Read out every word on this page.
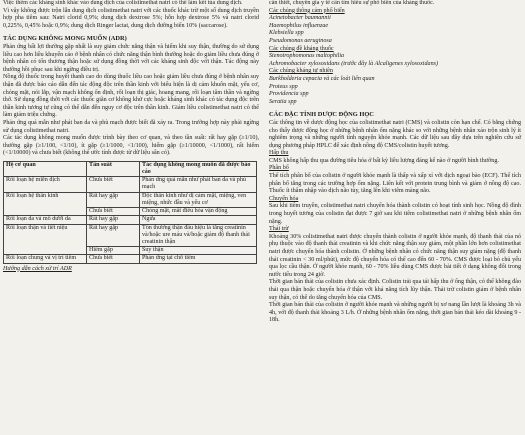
Việc thêm các kháng sinh khác vào dung dịch của colistimethat natri có thể làm kết tủa dung dịch.

Vì vậy không được trộn lẫn dung dịch colistimethat natri với các thuốc khác trừ một số dung dịch truyền hợp pha tiêm sau: Natri clorid 0,9%; dung dịch dextrose 5%; hỗn hợp dextrose 5% và natri clorid 0,225%, 0,45% hoặc 0,9%; dung dịch Ringer lactat, dung dịch đường biến 10% (saccarose).

TÁC DỤNG KHÔNG MONG MUỐN (ADR)

Phản ứng bất lợi thường gặp nhất là suy giảm chức năng thận và hiếm khi suy thận, thường do sử dụng liều cao hơn liều khuyến cáo ở bệnh nhân có chức năng thận bình thường hoặc do giảm liều chưa đúng ở bệnh nhân có tổn thương thận hoặc sử dụng đồng thời với các kháng sinh độc với thận. Tác động này thường hồi phục sau khi ngừng điều trị.

Nồng độ thuốc trong huyết thanh cao do dùng thuốc liều cao hoặc giảm liều chưa đúng ở bệnh nhân suy thận đã được báo cáo dẫn đến tác động độc trên thần kinh với biểu hiện là dị cảm khuôn mặt, yếu cơ, chóng mặt, nói lắp, vận mạch không ổn định, rối loạn thị giác, hoang mang, rối loạn tâm thần và ngừng thở. Sử dụng đồng thời với các thuốc giãn cơ không khử cực hoặc kháng sinh khác có tác dụng độc trên thần kinh tương tự cũng có thể dẫn đến nguy cơ độc trên thần kinh. Giảm liều colistimethat natri có thể làm giảm triệu chứng.

Phản ứng quá mẫn như phát ban da và phù mạch được biết đã xảy ra. Trong trường hợp này phải ngừng sử dụng colistimethat natri.

Các tác dụng không mong muốn được trình bày theo cơ quan, và theo tần suất: rất hay gặp (≥1/10), thường gặp (≥1/100, <1/10), ít gặp (≥1/1000, <1/100), hiếm gặp (≥1/10000, <1/1000), rất hiếm (<1/10000) và chưa biết (không thể ước tính được từ dữ liệu sẵn có).

Hệ cơ quan	Tần suất	Tác dụng không mong muốn đã được báo cáo
Rối loạn hệ miễn dịch	Chưa biết	Phản ứng quá mẫn như phát ban da và phù mạch
Rối loạn hệ thần kinh	Rất hay gặp	Độc thần kinh như dị cảm mặt, miệng, ven miệng, nhức đầu và yếu cơ
	Chưa biết	Chóng mặt, mất điều hòa vận động
Rối loạn da và mô dưới da	Rất hay gặp	Ngứa
Rối loạn thận và tiết niệu	Rất hay gặp	Tổn thương thận đầu hiệu là tăng creatinin và/hoặc ure máu và/hoặc giảm độ thanh thải creatinin thận
	Hiếm gặp	Suy thận
Rối loạn chung và vị trí tiêm	Chưa biết	Phản ứng tại chỗ tiêm

Hướng dẫn cách xử trí ADR

cần thiết, chuyên gia y tế cần tìm hiểu sự phổ biến của kháng thuốc.

Các chủng thông cảm phổ biến

Acinetobacter baumannii

Haemophilus influenzae

Klebsiella spp

Pseudomonas aeruginosa

Các chủng đề kháng thuốc

Stenotrophomonas maltophilia

Achromobacter xylosoxidans (trước đây là Alcaligenes xylosoxidans)

Các chủng kháng tự nhiên

Burkholderia cepacia và các loài liên quan

Proteus spp

Providencia spp

Seratia spp

CÁC ĐẶC TÍNH DƯỢC ĐỘNG HỌC

Các thông tin về dược động học của colistimethat natri (CMS) và colistin còn hạn chế. Có bằng chứng cho thấy dược động học ở những bệnh nhân ốm nặng khác so với những bệnh nhân xáo trộn sinh lý ít nghiêm trọng và những người tình nguyện khỏe mạnh. Các dữ liệu sau đây dựa trên nghiên cứu sử dụng phương pháp HPLC để xác định nồng độ CMS/colistin huyết tương.

Hấp thu

CMS không hấp thu qua đường tiêu hóa ở bất kỳ liều lượng đáng kể nào ở người bình thường.

Phân bố

Thể tích phân bố của colistin ở người khỏe mạnh là thấp và xấp xỉ với dịch ngoại bào (ECF). Thể tích phân bố tăng trong các trường hợp ốm nặng. Liên kết với protein trung bình và giảm ở nồng độ cao. Thuốc ít thâm nhập vào dịch não tủy, tăng lên khi viêm màng não.

Chuyển hóa

Sau khi tiêm truyền, colistimethat natri chuyển hóa thành colistin có hoạt tính sinh học. Nồng độ đỉnh trong huyết tương của colistin đạt được 7 giờ sau khi tiêm colistimethat natri ở những bệnh nhân ốm nặng.

Thải trừ

Khoảng 30% colistimethat natri được chuyển thành colistin ở người khỏe mạnh, độ thanh thải của nó phụ thuộc vào độ thanh thải creatinin và khi chức năng thận suy giảm, một phần lớn hơn colistimethat natri được chuyển hóa thành colistin. Ở những bệnh nhân có chức năng thận suy giảm nặng (độ thanh thải creatinin < 30 ml/phút), mức độ chuyển hóa có thể cao đến 60 - 70%. CMS được loại bỏ chủ yếu qua lọc cầu thận. Ở người khỏe mạnh, 60 - 70% liều dùng CMS được bài tiết ở dạng không đổi trong nước tiểu trong 24 giờ.

Thời gian bán thải của colistin chưa xác định. Colistin trải qua tái hấp thu ở ống thận, có thể không đào thải qua thận hoặc chuyển hóa ở thận với khả năng tích lũy thận. Thải trừ colistin giảm ở bệnh nhân suy thận, có thể do tăng chuyển hóa của CMS.

Thời gian bán thải của colistin ở người khỏe mạnh và những người bị xơ nang lần lượt là khoảng 3h và 4h, với độ thanh thải khoảng 3 L/h. Ở những bệnh nhân ốm nặng, thời gian bán thải kéo dài khoảng 9 - 18h.
